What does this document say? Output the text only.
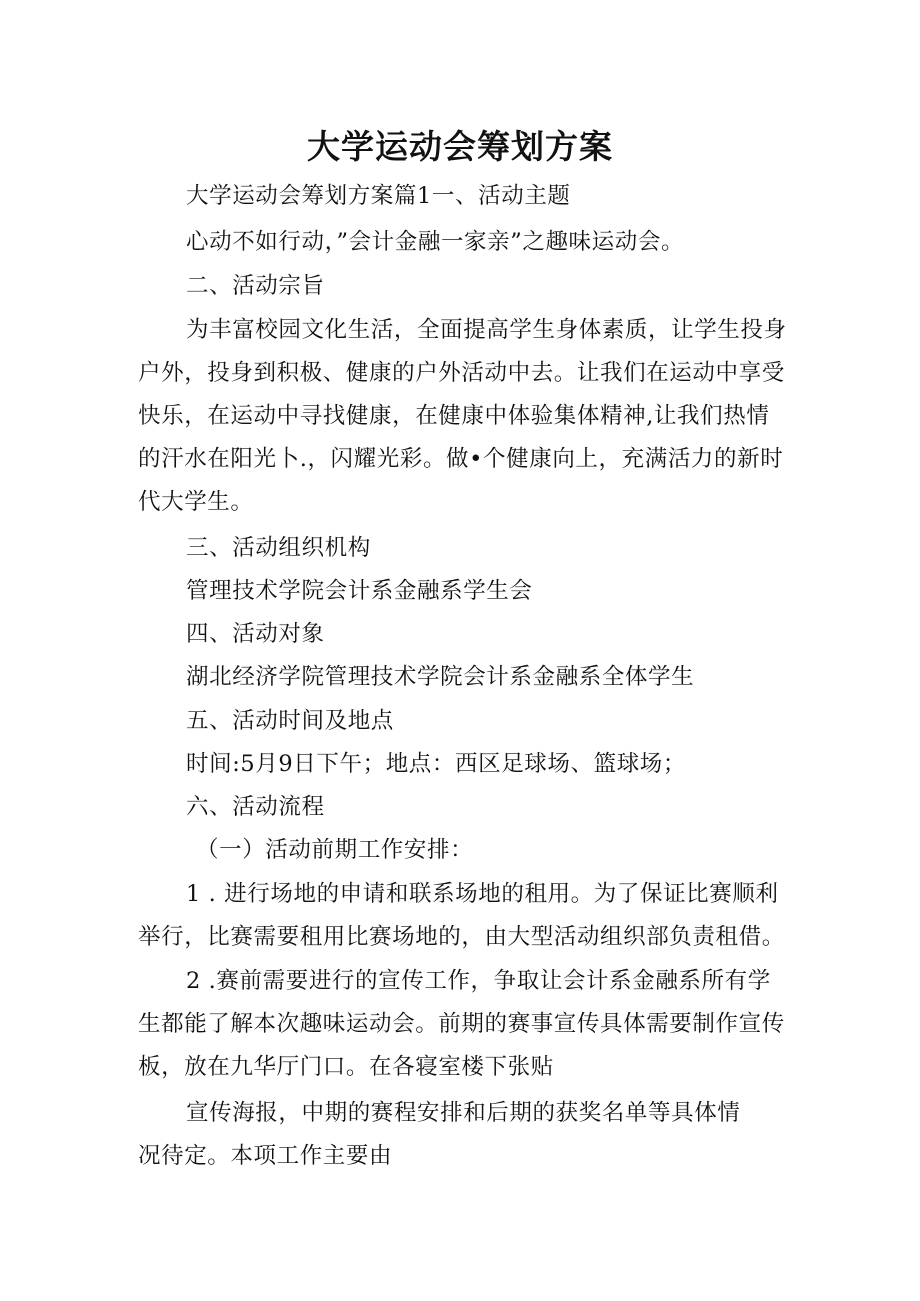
大学运动会筹划方案
大学运动会筹划方案篇1一、活动主题
心动不如行动，”会计金融一家亲”之趣味运动会。
二、活动宗旨
为丰富校园文化生活，全面提高学生身体素质，让学生投身
户外，投身到积极、健康的户外活动中去。让我们在运动中享受
快乐，在运动中寻找健康，在健康中体验集体精神,让我们热情
的汗水在阳光卜.，闪耀光彩。做•个健康向上，充满活力的新时
代大学生。
三、活动组织机构
管理技术学院会计系金融系学生会
四、活动对象
湖北经济学院管理技术学院会计系金融系全体学生
五、活动时间及地点
时间:5月9日下午；地点：西区足球场、篮球场；
六、活动流程
（一）活动前期工作安排：
1 . 进行场地的申请和联系场地的租用。为了保证比赛顺利
举行，比赛需要租用比赛场地的，由大型活动组织部负责租借。
2 .赛前需要进行的宣传工作，争取让会计系金融系所有学
生都能了解本次趣味运动会。前期的赛事宣传具体需要制作宣传
板，放在九华厅门口。在各寝室楼下张贴
宣传海报，中期的赛程安排和后期的获奖名单等具体情
况待定。本项工作主要由
